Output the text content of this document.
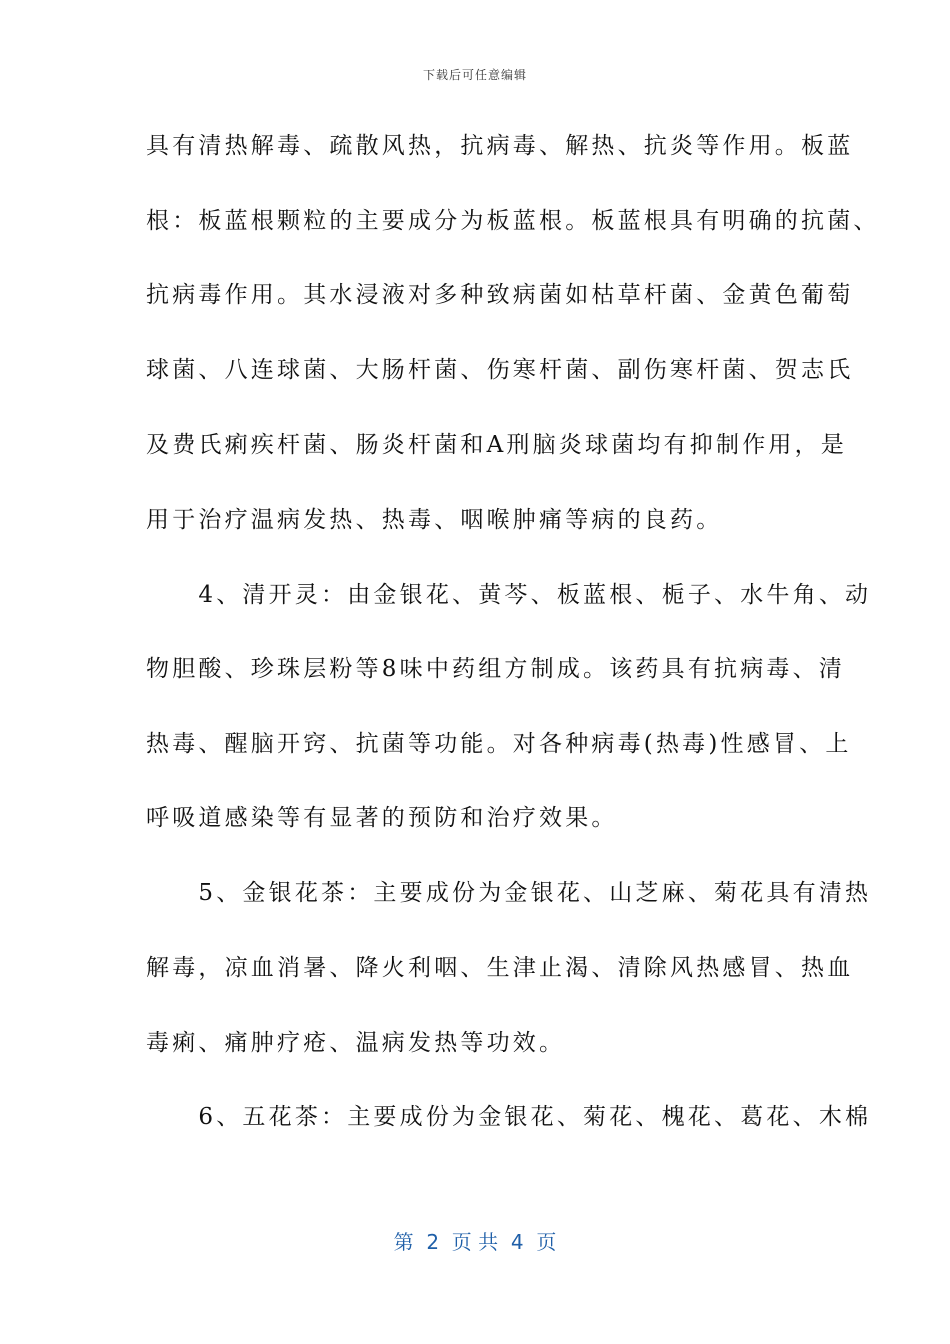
下载后可任意编辑
具有清热解毒、疏散风热，抗病毒、解热、抗炎等作用。板蓝
根：板蓝根颗粒的主要成分为板蓝根。板蓝根具有明确的抗菌、
抗病毒作用。其水浸液对多种致病菌如枯草杆菌、金黄色葡萄
球菌、八连球菌、大肠杆菌、伤寒杆菌、副伤寒杆菌、贺志氏
及费氏痢疾杆菌、肠炎杆菌和A刑脑炎球菌均有抑制作用，是
用于治疗温病发热、热毒、咽喉肿痛等病的良药。
　　4、清开灵：由金银花、黄芩、板蓝根、栀子、水牛角、动
物胆酸、珍珠层粉等8味中药组方制成。该药具有抗病毒、清
热毒、醒脑开窍、抗菌等功能。对各种病毒(热毒)性感冒、上
呼吸道感染等有显著的预防和治疗效果。
　　5、金银花茶：主要成份为金银花、山芝麻、菊花具有清热
解毒，凉血消暑、降火利咽、生津止渴、清除风热感冒、热血
毒痢、痛肿疗疮、温病发热等功效。
　　6、五花茶：主要成份为金银花、菊花、槐花、葛花、木棉
第  2  页 共  4  页
